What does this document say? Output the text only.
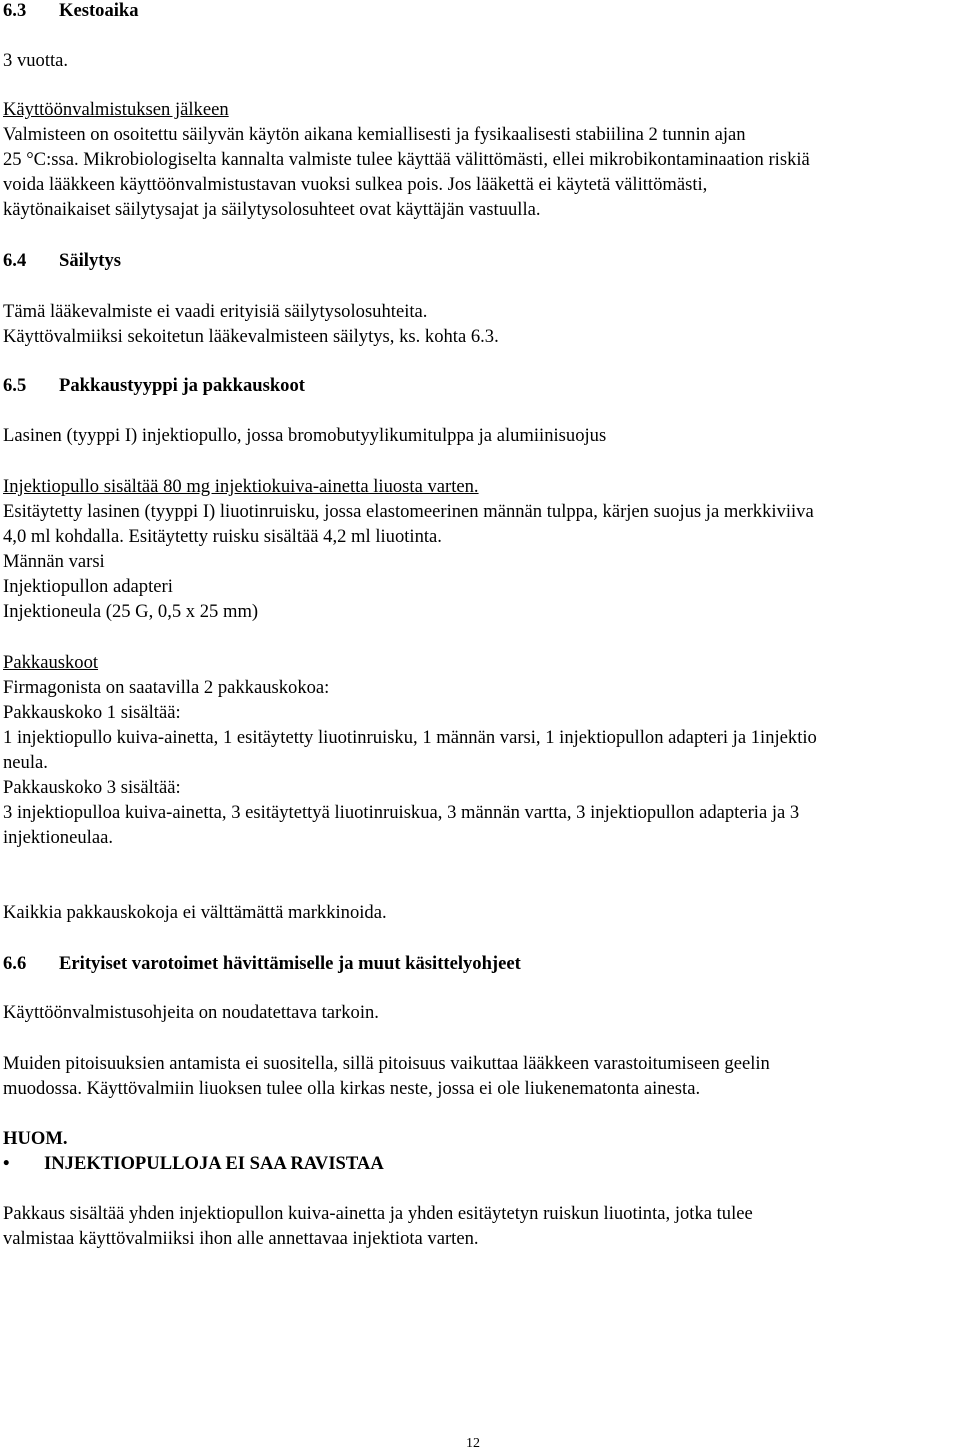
6.3 Kestoaika
3 vuotta.
Käyttöönvalmistuksen jälkeen
Valmisteen on osoitettu säilyvän käytön aikana kemiallisesti ja fysikaalisesti stabiilina 2 tunnin ajan
25 °C:ssa. Mikrobiologiselta kannalta valmiste tulee käyttää välittömästi, ellei mikrobikontaminaation riskiä
voida lääkkeen käyttöönvalmistustavan vuoksi sulkea pois. Jos lääkettä ei käytetä välittömästi,
käytönaikaiset säilytysajat ja säilytysolosuhteet ovat käyttäjän vastuulla.
6.4 Säilytys
Tämä lääkevalmiste ei vaadi erityisiä säilytysolosuhteita.
Käyttövalmiiksi sekoitetun lääkevalmisteen säilytys, ks. kohta 6.3.
6.5 Pakkaustyyppi ja pakkauskoot
Lasinen (tyyppi I) injektiopullo, jossa bromobutyylikumitulppa ja alumiinisuojus
Injektiopullo sisältää 80 mg injektiokuiva-ainetta liuosta varten.
Esitäytetty lasinen (tyyppi I) liuotinruisku, jossa elastomeerinen männän tulppa, kärjen suojus ja merkkiviiva
4,0 ml kohdalla. Esitäytetty ruisku sisältää 4,2 ml liuotinta.
Männän varsi
Injektiopullon adapteri
Injektioneula (25 G, 0,5 x 25 mm)
Pakkauskoot
Firmagonista on saatavilla 2 pakkauskokoa:
Pakkauskoko 1 sisältää:
1 injektiopullo kuiva-ainetta, 1 esitäytetty liuotinruisku, 1 männän varsi, 1 injektiopullon adapteri ja 1injektio
neula.
Pakkauskoko 3 sisältää:
3 injektiopulloa kuiva-ainetta, 3 esitäytettyä liuotinruiskua, 3 männän vartta, 3 injektiopullon adapteria ja 3
injektioneulaa.
Kaikkia pakkauskokoja ei välttämättä markkinoida.
6.6 Erityiset varotoimet hävittämiselle ja muut käsittelyohjeet
Käyttöönvalmistusohjeita on noudatettava tarkoin.
Muiden pitoisuuksien antamista ei suositella, sillä pitoisuus vaikuttaa lääkkeen varastoitumiseen geelin
muodossa. Käyttövalmiin liuoksen tulee olla kirkas neste, jossa ei ole liukenematonta ainesta.
HUOM.
• INJEKTIOPULLOJA EI SAA RAVISTAA
Pakkaus sisältää yhden injektiopullon kuiva-ainetta ja yhden esitäytetyn ruiskun liuotinta, jotka tulee
valmistaa käyttövalmiiksi ihon alle annettavaa injektiota varten.
12
